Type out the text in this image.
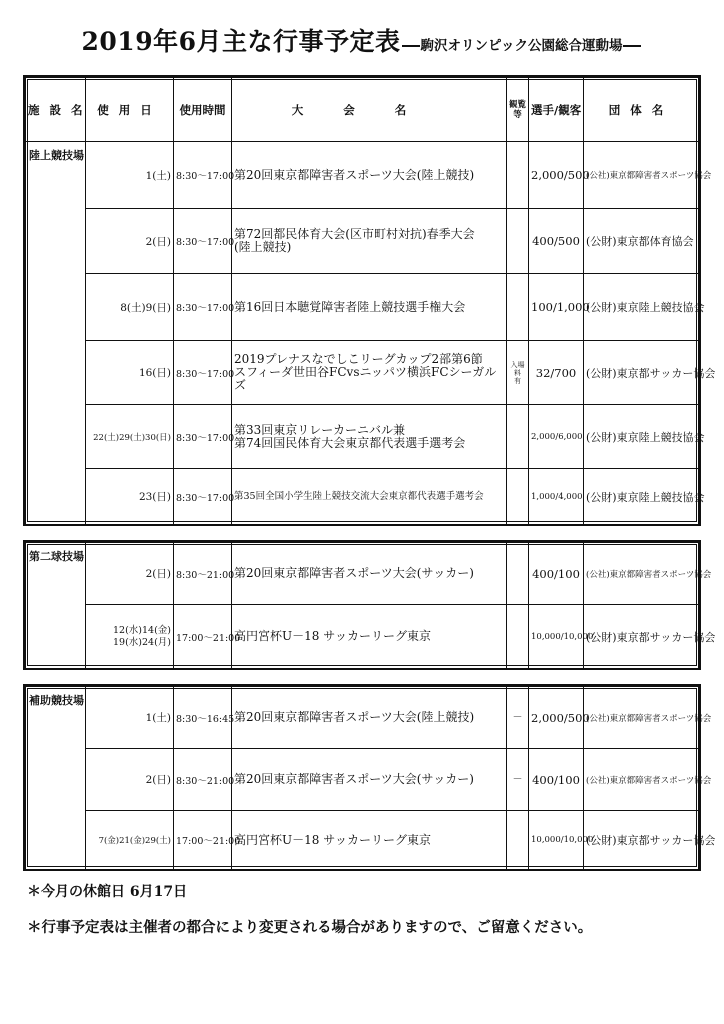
2019年6月主な行事予定表 駒沢オリンピック公園総合運動場
施設名	使用日	使用時間	大会名	観覧等	選手/観客	団体名
陸上競技場	1(土)	8:30～17:00	第20回東京都障害者スポーツ大会(陸上競技)		2,000/500	(公社)東京都障害者スポーツ協会
	2(日)	8:30～17:00	第72回都民体育大会(区市町村対抗)春季大会
(陸上競技)		400/500	(公財)東京都体育協会
	8(土)9(日)	8:30～17:00	第16回日本聴覚障害者陸上競技選手権大会		100/1,000	(公財)東京陸上競技協会
	16(日)	8:30～17:00	2019プレナスなでしこリーグカップ2部第6節
スフィーダ世田谷FCvsニッパツ横浜FCシーガルズ	入場料
有	32/700	(公財)東京都サッカー協会
	22(土)29(土)30(日)	8:30～17:00	第33回東京リレーカーニバル兼
第74回国民体育大会東京都代表選手選考会		2,000/6,000	(公財)東京陸上競技協会
	23(日)	8:30～17:00	第35回全国小学生陸上競技交流大会東京都代表選手選考会		1,000/4,000	(公財)東京陸上競技協会
第二球技場	2(日)	8:30～21:00	第20回東京都障害者スポーツ大会(サッカー)		400/100	(公社)東京都障害者スポーツ協会
	12(水)14(金)
19(水)24(月)	17:00～21:00	高円宮杯U－18 サッカーリーグ東京		10,000/10,000	(公財)東京都サッカー協会
補助競技場	1(土)	8:30～16:45	第20回東京都障害者スポーツ大会(陸上競技)	－	2,000/500	(公社)東京都障害者スポーツ協会
	2(日)	8:30～21:00	第20回東京都障害者スポーツ大会(サッカー)	－	400/100	(公社)東京都障害者スポーツ協会
	7(金)21(金)29(土)	17:00～21:00	高円宮杯U－18 サッカーリーグ東京		10,000/10,000	(公財)東京都サッカー協会
＊今月の休館日 6月17日
＊行事予定表は主催者の都合により変更される場合がありますので、ご留意ください。
